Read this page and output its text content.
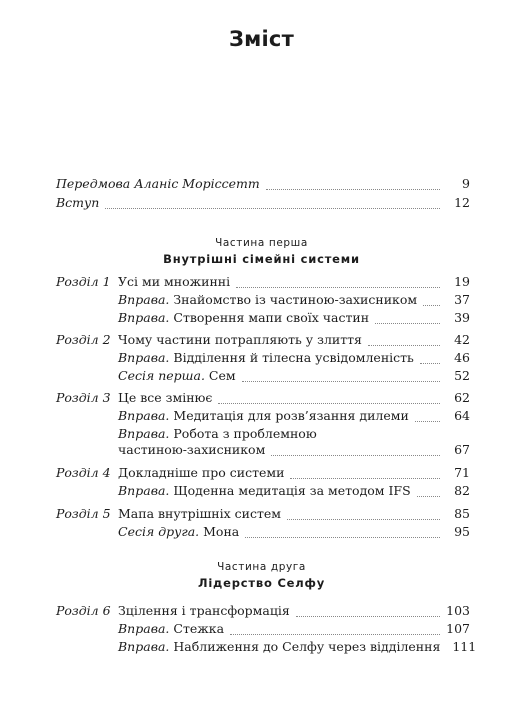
Зміст
Передмова Аланіс Моріссетт	9
Вступ	12
Частина перша
Внутрішні сімейні системи
Розділ 1 Усі ми множинні	19
Вправа. Знайомство із частиною-захисником	37
Вправа. Створення мапи своїх частин	39
Розділ 2 Чому частини потрапляють у злиття	42
Вправа. Відділення й тілесна усвідомленість	46
Сесія перша. Сем	52
Розділ 3 Це все змінює	62
Вправа. Медитація для розв’язання дилеми	64
Вправа. Робота з проблемною
частиною-захисником	67
Розділ 4 Докладніше про системи	71
Вправа. Щоденна медитація за методом IFS	82
Розділ 5 Мапа внутрішніх систем	85
Сесія друга. Мона	95
Частина друга
Лідерство Селфу
Розділ 6 Зцілення і трансформація	103
Вправа. Стежка	107
Вправа. Наближення до Селфу через відділення 111
